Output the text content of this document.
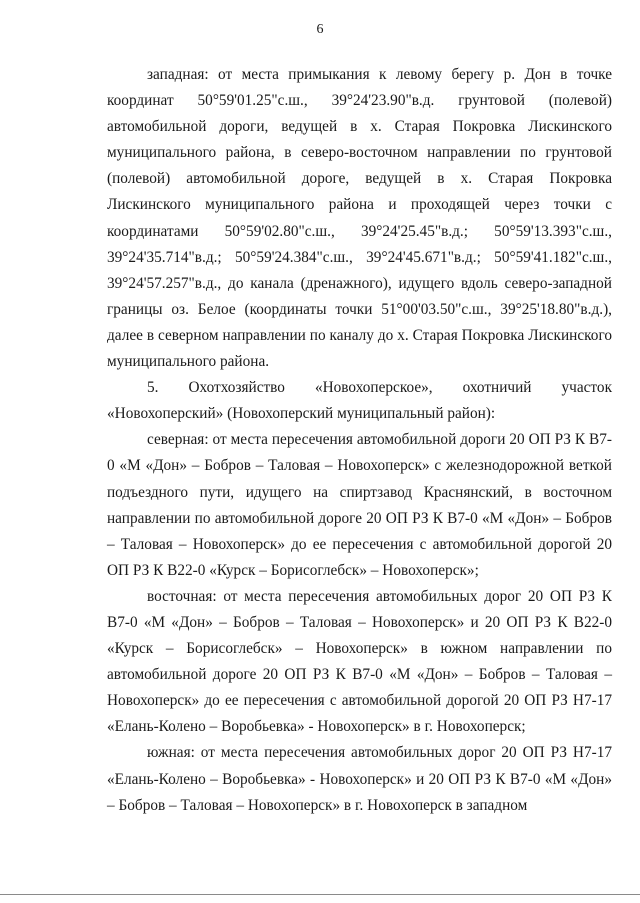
6

западная: от места примыкания к левому берегу р. Дон в точке координат 50°59'01.25"с.ш., 39°24'23.90"в.д. грунтовой (полевой) автомобильной дороги, ведущей в х. Старая Покровка Лискинского муниципального района, в северо-восточном направлении по грунтовой (полевой) автомобильной дороге, ведущей в х. Старая Покровка Лискинского муниципального района и проходящей через точки с координатами 50°59'02.80"с.ш., 39°24'25.45"в.д.; 50°59'13.393"с.ш., 39°24'35.714"в.д.; 50°59'24.384"с.ш., 39°24'45.671"в.д.; 50°59'41.182"с.ш., 39°24'57.257"в.д., до канала (дренажного), идущего вдоль северо-западной границы оз. Белое (координаты точки 51°00'03.50"с.ш., 39°25'18.80"в.д.), далее в северном направлении по каналу до х. Старая Покровка Лискинского муниципального района.

5. Охотхозяйство «Новохоперское», охотничий участок «Новохоперский» (Новохоперский муниципальный район):

северная: от места пересечения автомобильной дороги 20 ОП РЗ К В7-0 «М «Дон» – Бобров – Таловая – Новохоперск» с железнодорожной веткой подъездного пути, идущего на спиртзавод Краснянский, в восточном направлении по автомобильной дороге 20 ОП РЗ К В7-0 «М «Дон» – Бобров – Таловая – Новохоперск» до ее пересечения с автомобильной дорогой 20 ОП РЗ К В22-0 «Курск – Борисоглебск» – Новохоперск»;

восточная: от места пересечения автомобильных дорог 20 ОП РЗ К В7-0 «М «Дон» – Бобров – Таловая – Новохоперск» и 20 ОП РЗ К В22-0 «Курск – Борисоглебск» – Новохоперск» в южном направлении по автомобильной дороге 20 ОП РЗ К В7-0 «М «Дон» – Бобров – Таловая – Новохоперск» до ее пересечения с автомобильной дорогой 20 ОП РЗ Н7-17 «Елань-Колено – Воробьевка» - Новохоперск» в г. Новохоперск;

южная: от места пересечения автомобильных дорог 20 ОП РЗ Н7-17 «Елань-Колено – Воробьевка» - Новохоперск» и 20 ОП РЗ К В7-0 «М «Дон» – Бобров – Таловая – Новохоперск» в г. Новохоперск в западном
